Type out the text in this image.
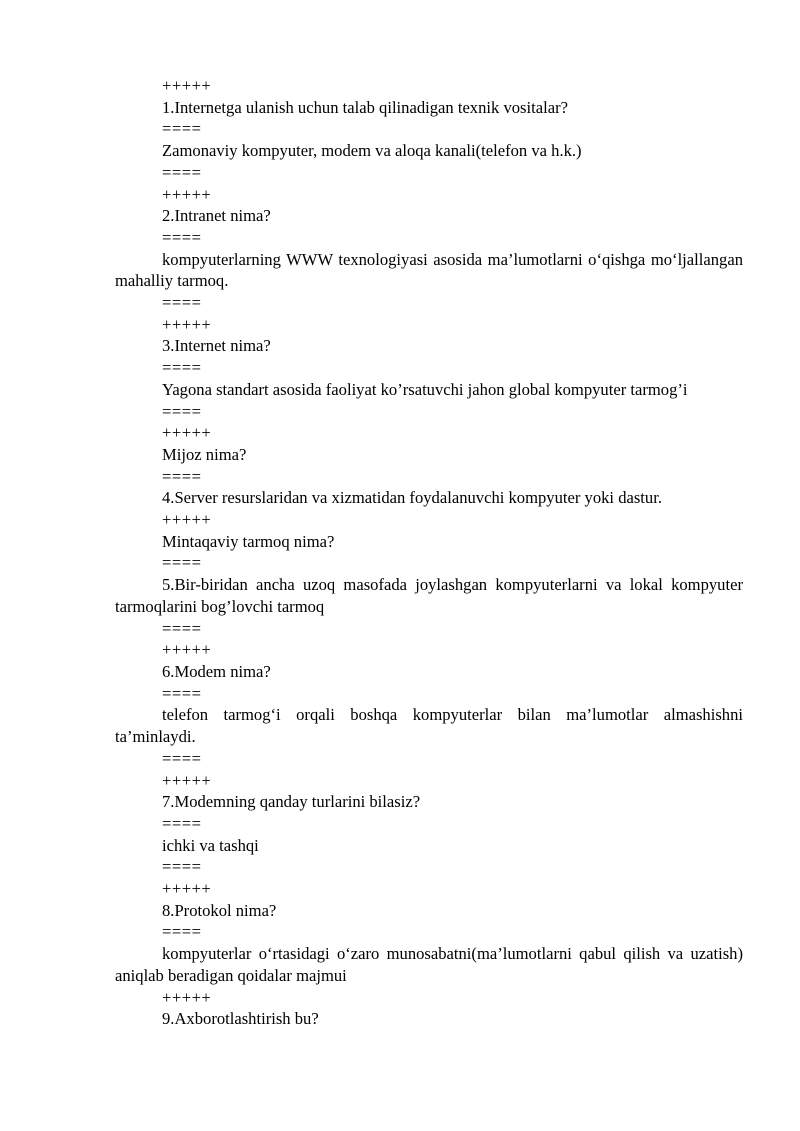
+++++

1.Internetga ulanish uchun talab qilinadigan texnik vositalar?

====

Zamonaviy kompyuter, modem va aloqa kanali(telefon va h.k.)

====

+++++

2.Intranet nima?

====

kompyuterlarning WWW texnologiyasi asosida ma’lumotlarni o‘qishga mo‘ljallangan mahalliy tarmoq.

====

+++++

3.Internet nima?

====

Yagona standart asosida faoliyat ko’rsatuvchi jahon global kompyuter tarmog’i

====

+++++

Mijoz nima?

====

4.Server resurslaridan va xizmatidan foydalanuvchi kompyuter yoki dastur.

+++++

Mintaqaviy tarmoq nima?

====

5.Bir-biridan ancha uzoq masofada joylashgan kompyuterlarni va lokal kompyuter tarmoqlarini bog’lovchi tarmoq

====

+++++

6.Modem nima?

====

telefon tarmog‘i orqali boshqa kompyuterlar bilan ma’lumotlar almashishni ta’minlaydi.

====

+++++

7.Modemning qanday turlarini bilasiz?

====

ichki va tashqi

====

+++++

8.Protokol nima?

====

kompyuterlar o‘rtasidagi o‘zaro munosabatni(ma’lumotlarni qabul qilish va uzatish) aniqlab beradigan qoidalar majmui

+++++

9.Axborotlashtirish bu?
